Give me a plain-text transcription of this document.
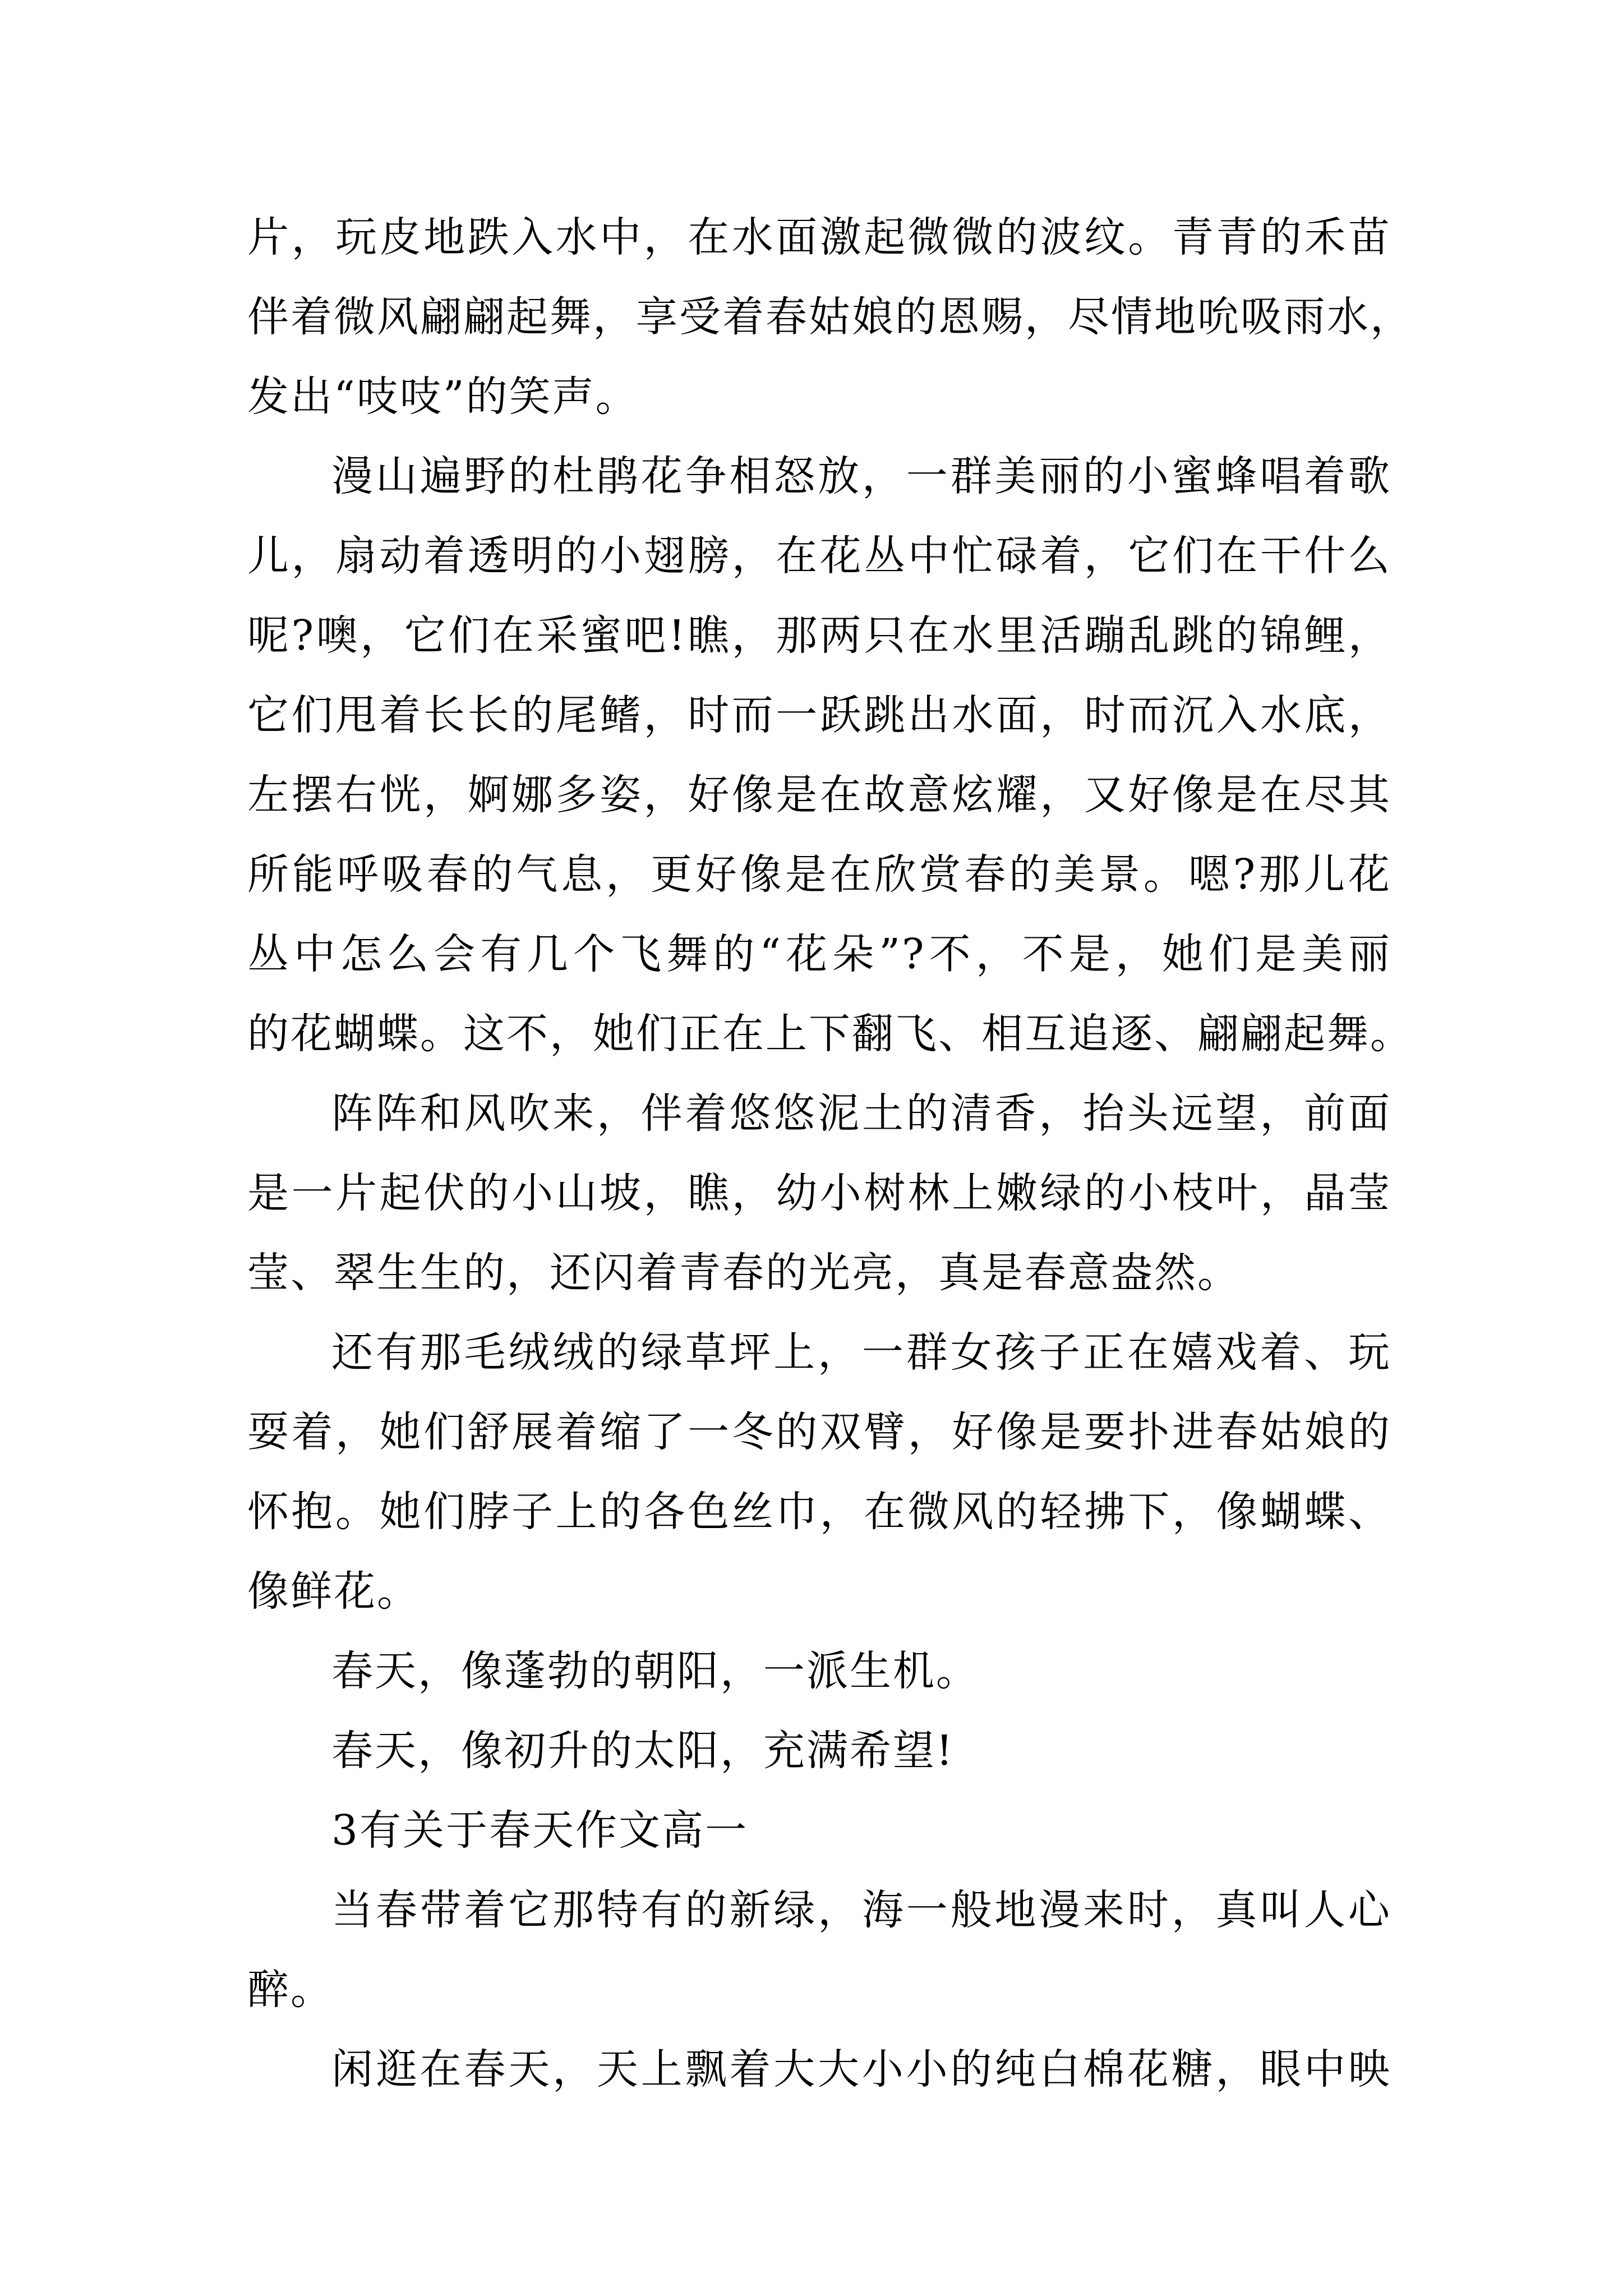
片，玩皮地跌入水中，在水面激起微微的波纹。青青的禾苗
伴着微风翩翩起舞，享受着春姑娘的恩赐，尽情地吮吸雨水，
发出“吱吱”的笑声。
漫山遍野的杜鹃花争相怒放，一群美丽的小蜜蜂唱着歌
儿，扇动着透明的小翅膀，在花丛中忙碌着，它们在干什么
呢?噢，它们在采蜜吧!瞧，那两只在水里活蹦乱跳的锦鲤，
它们甩着长长的尾鳍，时而一跃跳出水面，时而沉入水底，
左摆右恍，婀娜多姿，好像是在故意炫耀，又好像是在尽其
所能呼吸春的气息，更好像是在欣赏春的美景。嗯?那儿花
丛中怎么会有几个飞舞的“花朵”?不，不是，她们是美丽
的花蝴蝶。这不，她们正在上下翻飞、相互追逐、翩翩起舞。
阵阵和风吹来，伴着悠悠泥土的清香，抬头远望，前面
是一片起伏的小山坡，瞧，幼小树林上嫩绿的小枝叶，晶莹
莹、翠生生的，还闪着青春的光亮，真是春意盎然。
还有那毛绒绒的绿草坪上，一群女孩子正在嬉戏着、玩
耍着，她们舒展着缩了一冬的双臂，好像是要扑进春姑娘的
怀抱。她们脖子上的各色丝巾，在微风的轻拂下，像蝴蝶、
像鲜花。
春天，像蓬勃的朝阳，一派生机。
春天，像初升的太阳，充满希望!
3有关于春天作文高一
当春带着它那特有的新绿，海一般地漫来时，真叫人心
醉。
闲逛在春天，天上飘着大大小小的纯白棉花糖，眼中映
